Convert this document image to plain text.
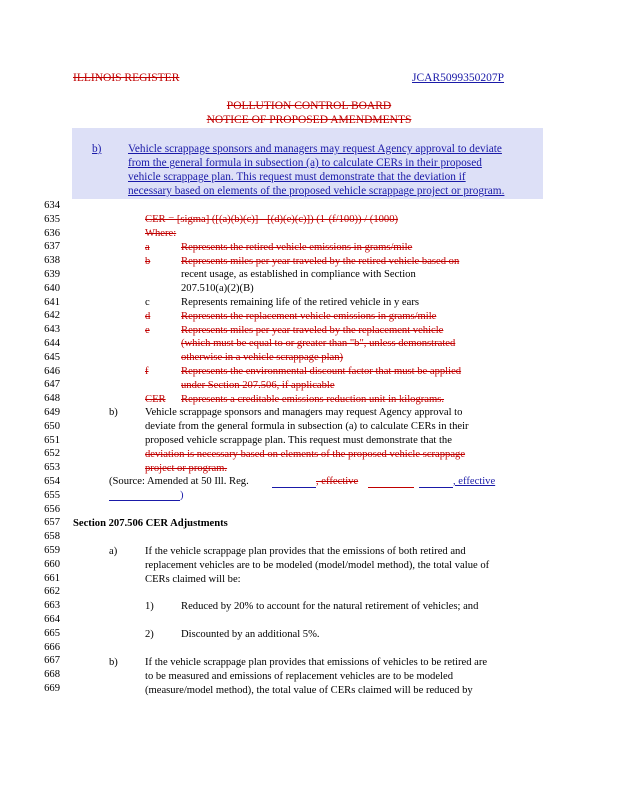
ILLINOIS REGISTER	JCAR5099350207P
POLLUTION CONTROL BOARD
NOTICE OF PROPOSED AMENDMENTS
b) Vehicle scrappage sponsors and managers may request Agency approval to deviate
from the general formula in subsection (a) to calculate CERs in their proposed
vehicle scrappage plan. This request must demonstrate that the deviation if
necessary based on elements of the proposed vehicle scrappage project or program.
634
635
636
637
638
639
640
641
642
643
644
645
646
647
648
649
650
651
652
653
654
655
656
657
658
659
660
661
662
663
664
665
666
667
668
669
CER = [sigma] ([(a)(b)(c)] - [(d)(e)(c)]) (1-(f/100)) / (1000)
Where:
a	Represents the retired vehicle emissions in grams/mile
b	Represents miles per year traveled by the retired vehicle based on
recent usage, as established in compliance with Section
207.510(a)(2)(B)
c	Represents remaining life of the retired vehicle in y ears
d	Represents the replacement vehicle emissions in grams/mile
e	Represents miles per year traveled by the replacement vehicle
(which must be equal to or greater than "b", unless demonstrated
otherwise in a vehicle scrappage plan)
f	Represents the environmental discount factor that must be applied
under Section 207.506, if applicable
CER Represents a creditable emissions reduction unit in kilograms.
b)	Vehicle scrappage sponsors and managers may request Agency approval to
deviate from the general formula in subsection (a) to calculate CERs in their
proposed vehicle scrappage plan. This request must demonstrate that the
deviation is necessary based on elements of the proposed vehicle scrappage
project or program.
(Source: Amended at 50 Ill. Reg.	, effective	, effective
)
Section 207.506 CER Adjustments
a)	If the vehicle scrappage plan provides that the emissions of both retired and
replacement vehicles are to be modeled (model/model method), the total value of
CERs claimed will be:
1)	Reduced by 20% to account for the natural retirement of vehicles; and
2)	Discounted by an additional 5%.
b)	If the vehicle scrappage plan provides that emissions of vehicles to be retired are
to be measured and emissions of replacement vehicles are to be modeled
(measure/model method), the total value of CERs claimed will be reduced by
